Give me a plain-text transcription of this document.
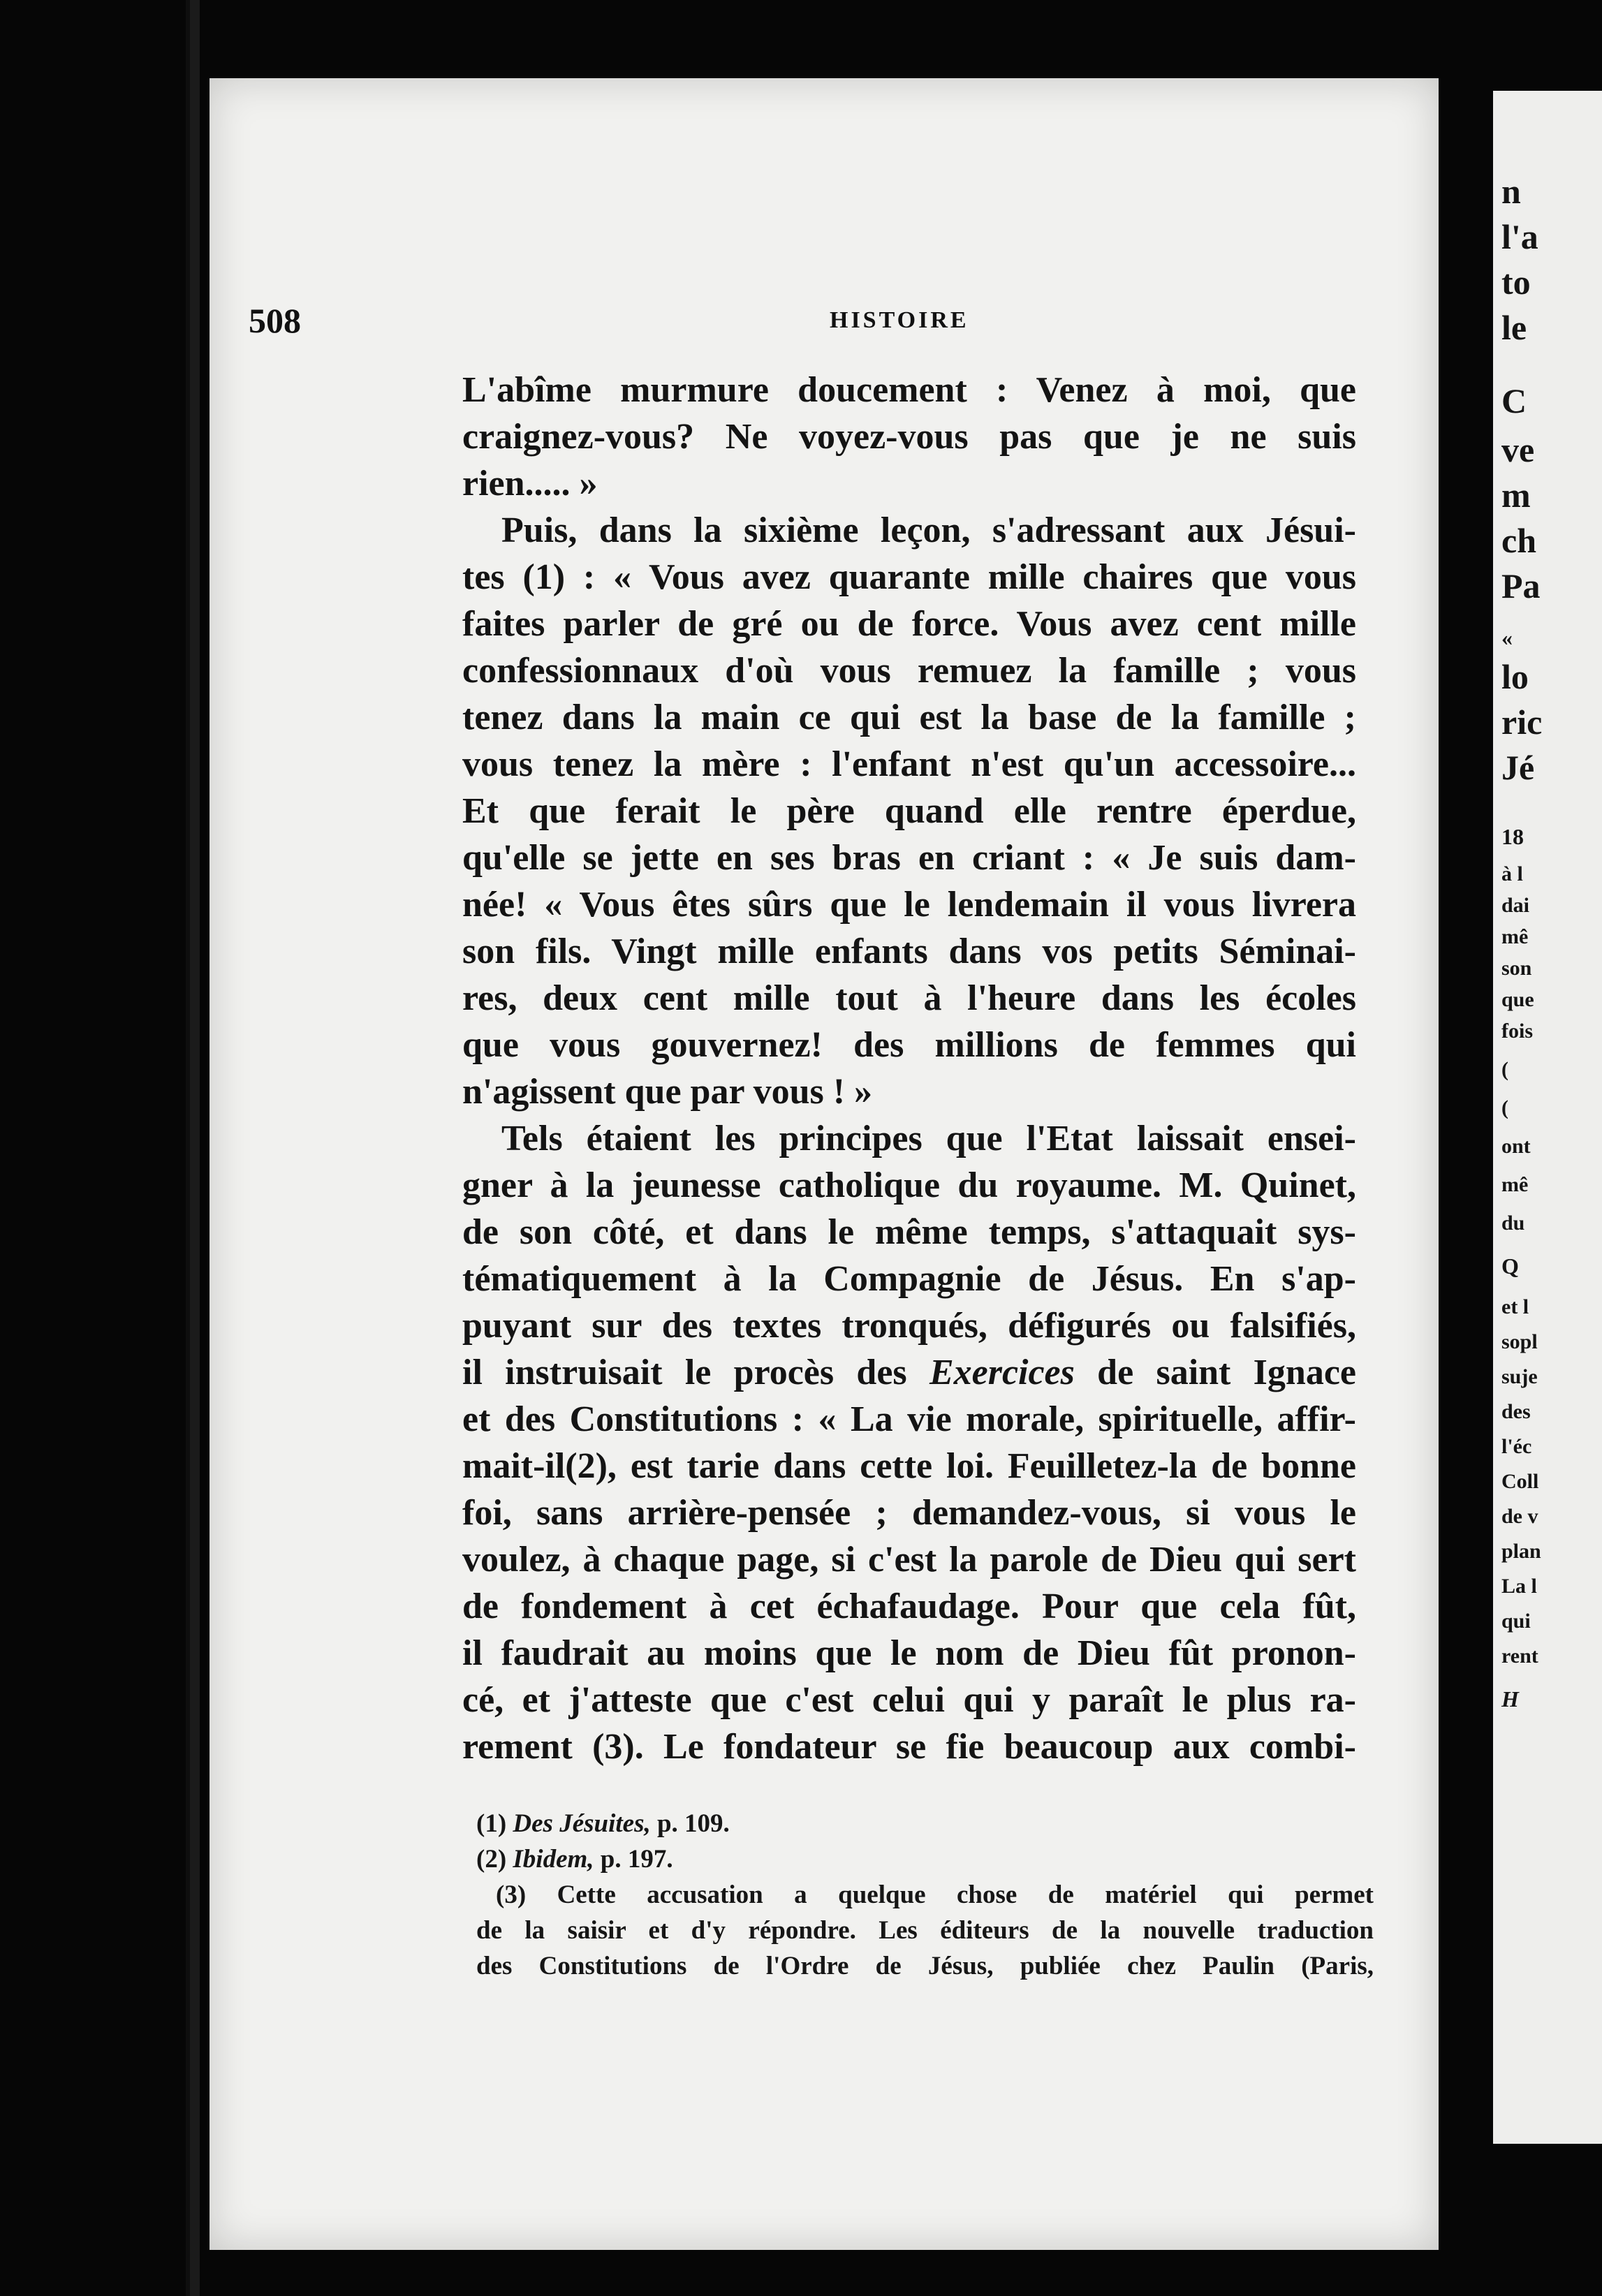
n

l'a

to

le

C

ve

m

ch

Pa

«

lo

ric

Jé

18

à l

dai

mê

son

que

fois

(

(

ont

mê

du

Q

et l

sopl

suje

des

l'éc

Coll

de v

plan

La l

qui

rent

H

508	HISTOIRE

L'abîme murmure doucement : Venez à moi, que

craignez-vous? Ne voyez-vous pas que je ne suis

rien..... »

Puis, dans la sixième leçon, s'adressant aux Jésui-

tes (1) : « Vous avez quarante mille chaires que vous

faites parler de gré ou de force. Vous avez cent mille

confessionnaux d'où vous remuez la famille ; vous

tenez dans la main ce qui est la base de la famille ;

vous tenez la mère : l'enfant n'est qu'un accessoire...

Et que ferait le père quand elle rentre éperdue,

qu'elle se jette en ses bras en criant : « Je suis dam-

née! « Vous êtes sûrs que le lendemain il vous livrera

son fils. Vingt mille enfants dans vos petits Séminai-

res, deux cent mille tout à l'heure dans les écoles

que vous gouvernez! des millions de femmes qui

n'agissent que par vous ! »

Tels étaient les principes que l'Etat laissait ensei-

gner à la jeunesse catholique du royaume. M. Quinet,

de son côté, et dans le même temps, s'attaquait sys-

tématiquement à la Compagnie de Jésus. En s'ap-

puyant sur des textes tronqués, défigurés ou falsifiés,

il instruisait le procès des Exercices de saint Ignace

et des Constitutions : « La vie morale, spirituelle, affir-

mait-il(2), est tarie dans cette loi. Feuilletez-la de bonne

foi, sans arrière-pensée ; demandez-vous, si vous le

voulez, à chaque page, si c'est la parole de Dieu qui sert

de fondement à cet échafaudage. Pour que cela fût,

il faudrait au moins que le nom de Dieu fût pronon-

cé, et j'atteste que c'est celui qui y paraît le plus ra-

rement (3). Le fondateur se fie beaucoup aux combi-

(1) Des Jésuites, p. 109.

(2) Ibidem, p. 197.

(3) Cette accusation a quelque chose de matériel qui permet

de la saisir et d'y répondre. Les éditeurs de la nouvelle traduction

des Constitutions de l'Ordre de Jésus, publiée chez Paulin (Paris,
